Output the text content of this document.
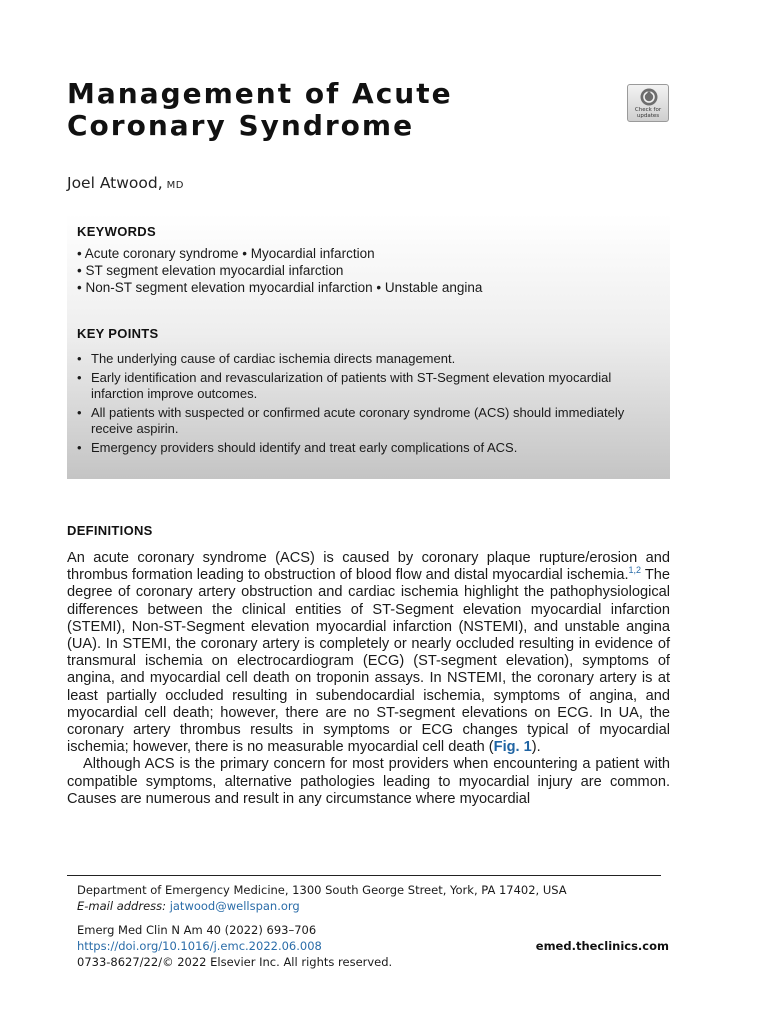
Management of Acute
Coronary Syndrome	Check for updates
Joel Atwood, MD
KEYWORDS
• Acute coronary syndrome • Myocardial infarction
• ST segment elevation myocardial infarction
• Non-ST segment elevation myocardial infarction • Unstable angina
KEY POINTS
• The underlying cause of cardiac ischemia directs management.
• Early identification and revascularization of patients with ST-Segment elevation myocardial infarction improve outcomes.
• All patients with suspected or confirmed acute coronary syndrome (ACS) should immediately receive aspirin.
• Emergency providers should identify and treat early complications of ACS.
DEFINITIONS

An acute coronary syndrome (ACS) is caused by coronary plaque rupture/erosion and thrombus formation leading to obstruction of blood flow and distal myocardial ischemia.$^{1,2}$ The degree of coronary artery obstruction and cardiac ischemia highlight the pathophysiological differences between the clinical entities of ST-Segment elevation myocardial infarction (STEMI), Non-ST-Segment elevation myocardial infarction (NSTEMI), and unstable angina (UA). In STEMI, the coronary artery is completely or nearly occluded resulting in evidence of transmural ischemia on electrocardiogram (ECG) (ST-segment elevation), symptoms of angina, and myocardial cell death on troponin assays. In NSTEMI, the coronary artery is at least partially occluded resulting in subendocardial ischemia, symptoms of angina, and myocardial cell death; however, there are no ST-segment elevations on ECG. In UA, the coronary artery thrombus results in symptoms or ECG changes typical of myocardial ischemia; however, there is no measurable myocardial cell death (Fig. 1).

Although ACS is the primary concern for most providers when encountering a patient with compatible symptoms, alternative pathologies leading to myocardial injury are common. Causes are numerous and result in any circumstance where myocardial

Department of Emergency Medicine, 1300 South George Street, York, PA 17402, USA
E-mail address: jatwood@wellspan.org
Emerg Med Clin N Am 40 (2022) 693–706
https://doi.org/10.1016/j.emc.2022.06.008
0733-8627/22/© 2022 Elsevier Inc. All rights reserved.
emed.theclinics.com
